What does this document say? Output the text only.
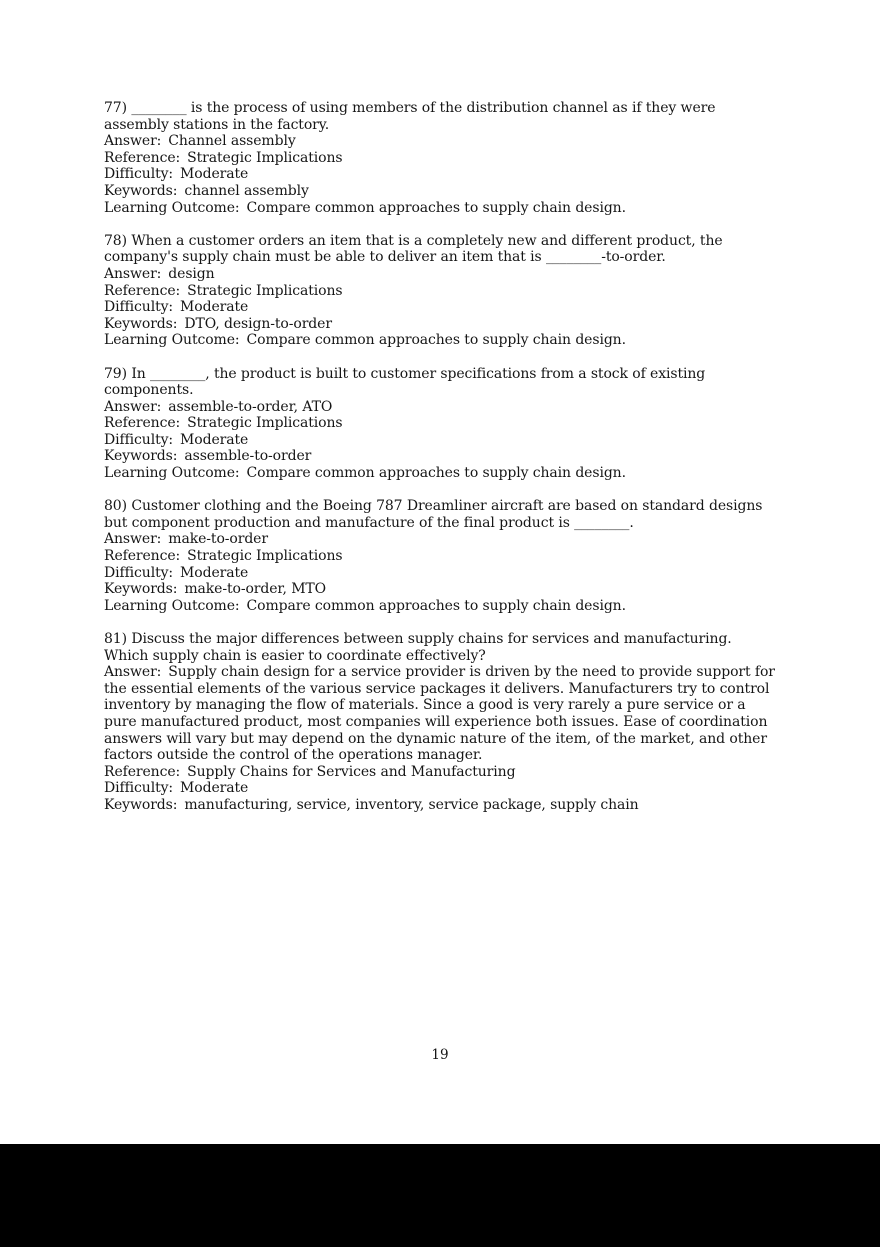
77) ________ is the process of using members of the distribution channel as if they were assembly stations in the factory.

Answer: Channel assembly

Reference: Strategic Implications

Difficulty: Moderate

Keywords: channel assembly

Learning Outcome: Compare common approaches to supply chain design.

78) When a customer orders an item that is a completely new and different product, the company's supply chain must be able to deliver an item that is ________-to-order.

Answer: design

Reference: Strategic Implications

Difficulty: Moderate

Keywords: DTO, design-to-order

Learning Outcome: Compare common approaches to supply chain design.

79) In ________, the product is built to customer specifications from a stock of existing components.

Answer: assemble-to-order, ATO

Reference: Strategic Implications

Difficulty: Moderate

Keywords: assemble-to-order

Learning Outcome: Compare common approaches to supply chain design.

80) Customer clothing and the Boeing 787 Dreamliner aircraft are based on standard designs but component production and manufacture of the final product is ________.

Answer: make-to-order

Reference: Strategic Implications

Difficulty: Moderate

Keywords: make-to-order, MTO

Learning Outcome: Compare common approaches to supply chain design.

81) Discuss the major differences between supply chains for services and manufacturing. Which supply chain is easier to coordinate effectively?

Answer: Supply chain design for a service provider is driven by the need to provide support for the essential elements of the various service packages it delivers. Manufacturers try to control inventory by managing the flow of materials. Since a good is very rarely a pure service or a pure manufactured product, most companies will experience both issues. Ease of coordination answers will vary but may depend on the dynamic nature of the item, of the market, and other factors outside the control of the operations manager.

Reference: Supply Chains for Services and Manufacturing

Difficulty: Moderate

Keywords: manufacturing, service, inventory, service package, supply chain

19
